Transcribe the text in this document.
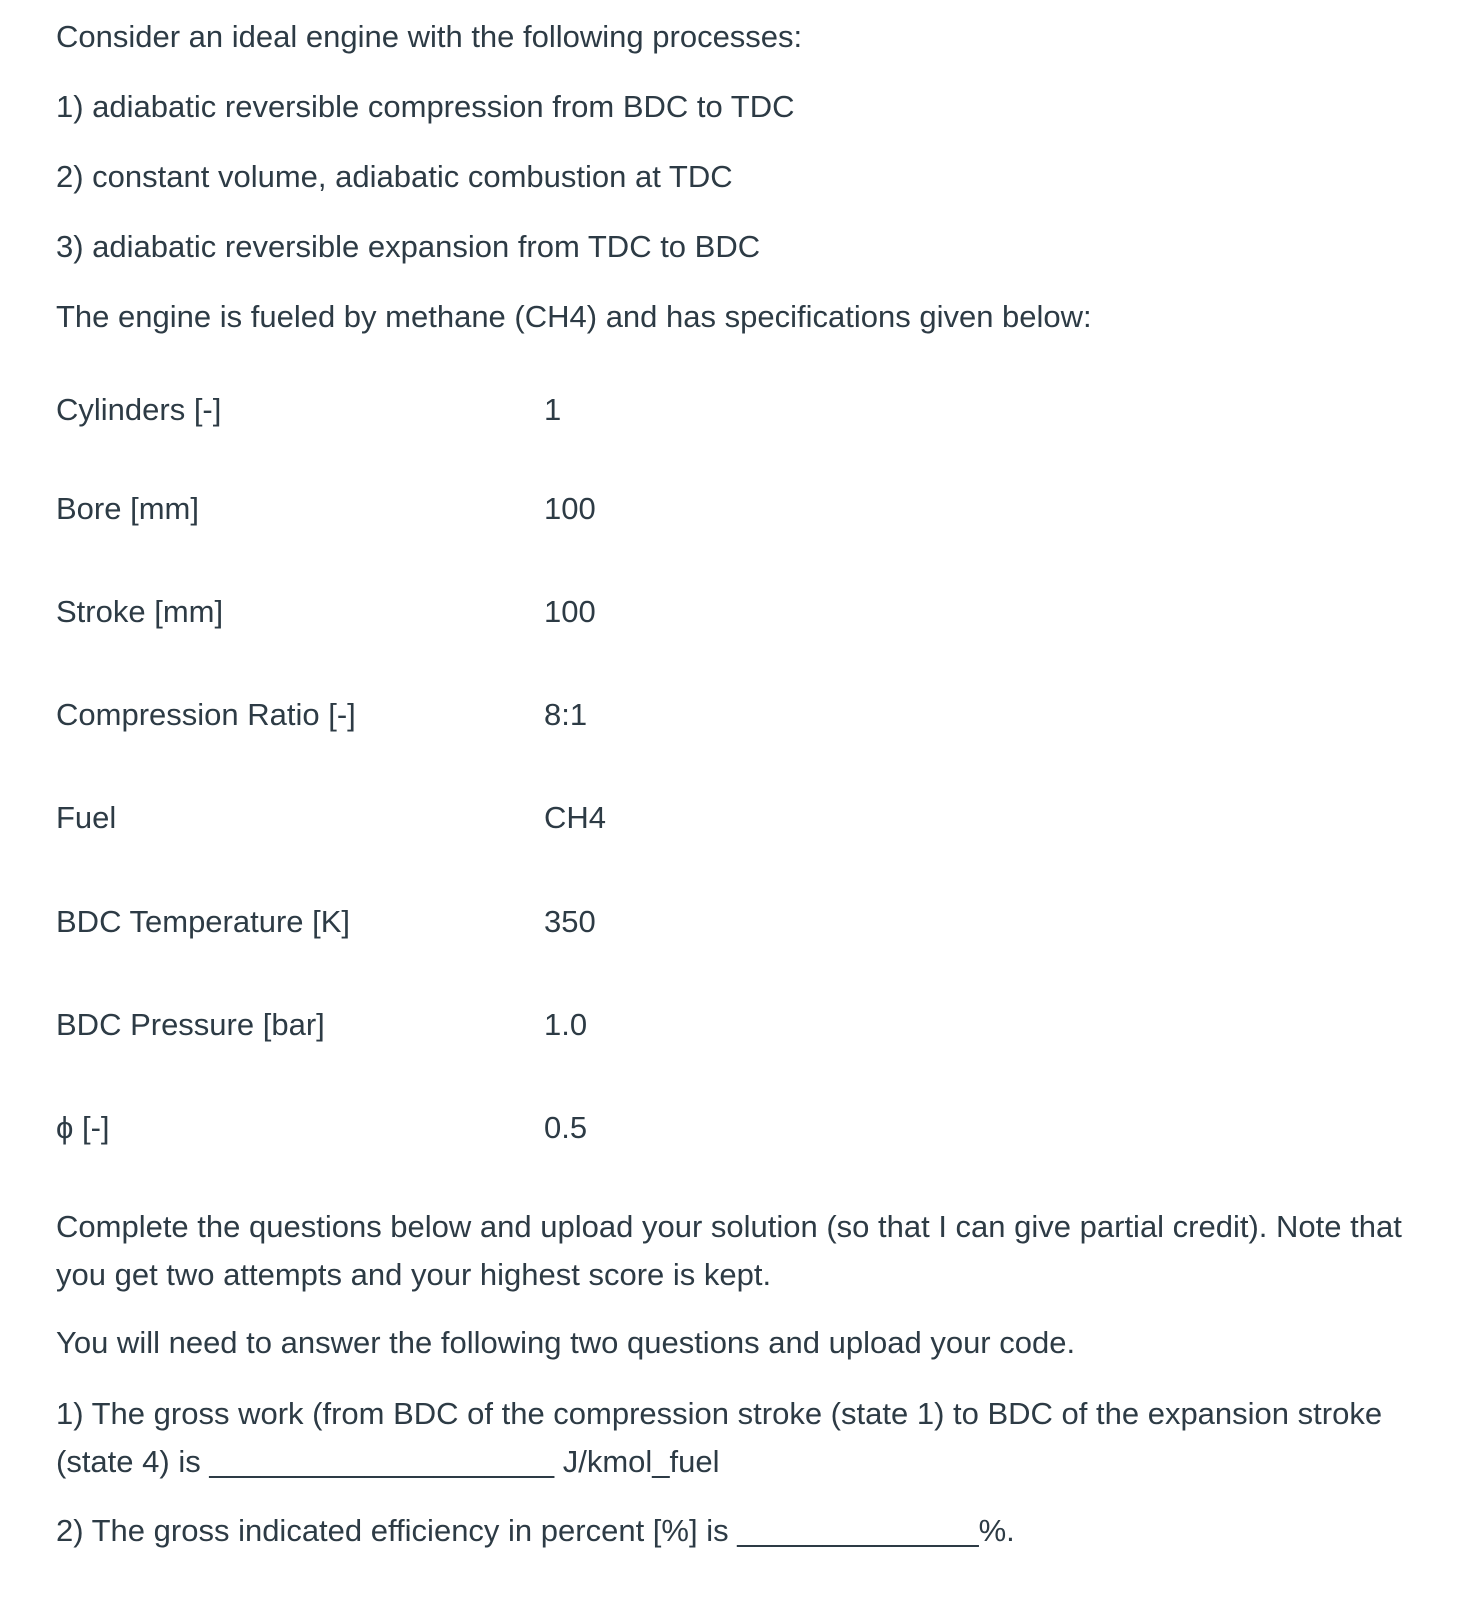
Consider an ideal engine with the following processes:
1) adiabatic reversible compression from BDC to TDC
2) constant volume, adiabatic combustion at TDC
3) adiabatic reversible expansion from TDC to BDC
The engine is fueled by methane (CH4) and has specifications given below:
Cylinders [-]	1
Bore [mm]	100
Stroke [mm]	100
Compression Ratio [-]	8:1
Fuel	CH4
BDC Temperature [K]	350
BDC Pressure [bar]	1.0
ϕ [-]	0.5
Complete the questions below and upload your solution (so that I can give partial credit). Note that you get two attempts and your highest score is kept.
You will need to answer the following two questions and upload your code.
1) The gross work (from BDC of the compression stroke (state 1) to BDC of the expansion stroke (state 4) is ____________________ J/kmol_fuel
2) The gross indicated efficiency in percent [%] is ______________%.
